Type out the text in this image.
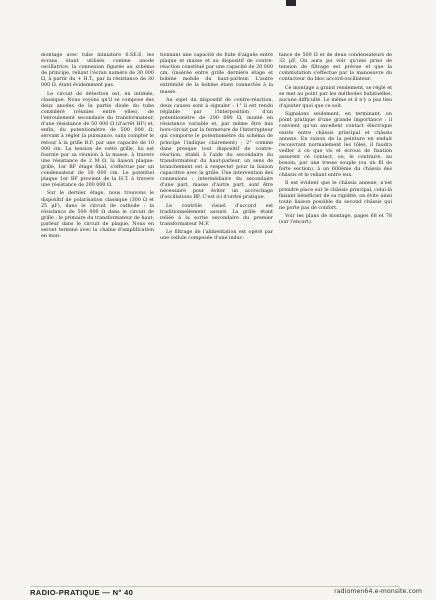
montage avec tube miniature 6.SE.6, les écrans étant utilisés comme anode oscillatrice, la connexion figurée au schéma de principe, reliant l'écran numéro de 30 000 Ω, à partir du + H.T., par la résistance de 30 000 Ω, étant évidemment pas.

Le circuit de détection est, en intimée, classique. Nous voyons qu'il se compose des deux anodes de la partie diode du tube considéré (réunies entre elles), de l'enroulement secondaire du transformateur, d'une résistance de 50 000 Ω (d'arrêt HF) et, enfin, du potentiomètre de 500 000 Ω, servant à régler la puissance, sans compter le retour à la grille B.F. par une capacité de 10 000 cm. La tension de cette grille, lui est fournie par sa réunion à la masse, à travers une résistance de 2 M Ω, la liaison plaque-grille, 1er BF étage final, s'effectue par un condensateur de 10 000 cm. Le potentiel plaque 1er BF provient de la H.T. à travers une résistance de 200 000 Ω.

Sur le dernier étage, nous trouvons le dispositif de polarisation classique (300 Ω et 25 μF), dans le circuit de cathode : la résistance de 500 000 Ω dans le circuit de grille ; le primaire du transformateur de haut-parleur dans le circuit de plaque. Nous en seront terminé avec la chaîne d'amplification en mon-

tionnant une capacité de fuite d'aiguës entre plaque et masse et au dispositif de contre-réaction constitué par une capacité de 20 000 cm, (insérée entre grille dernière étage et bobine mobile du haut-parleur. L'autre extrémité de la bobine étant connectée à la masse.

Au sujet du dispositif de contre-réaction, deux causes sont à signaler : 1° il est rendu réglable par l'interposition d'un potentiomètre de 200 000 Ω, monté en résistance variable et, par même être mis hors-circuit par la fermeture de l'interrupteur qui comporte le potentiomètre du schéma de principe l'indique clairement) ; 2° comme dans presque tout dispositif de contre-réaction, établi à l'aide du secondaire du transformateur du haut-parleur, un sens de branchement est à respecter pour la liaison capacitive avec la grille. Une intervention des connexions : intermédiaire du secondaire d'une part, masse d'autre part, sont être nécessaire pour éviter un accrochage d'oscillations BF. C'est ici d'ordre pratique.

Le contrôle visuel d'accord est traditionnellement assuré. La grille étant reliée à la sortie secondaire du premier transformateur M.F.

Le filtrage de l'alimentation est opéré par une cellule composée d'une induc-

tance de 500 Ω et de deux condensateurs de 32 μF. On aura pu voir qu'une prise de tension de filtrage est prévue et que la commutation s'effectue par la manoeuvre du contacteur du bloc accord-oscillateur.

Ce montage a grand rendement, se réglé et se met au point par les méthodes habituelles, aucune difficulté. Le même et il n'y a pas lieu d'ajouter quoi que ce soit.

Signalons seulement, en terminant, un point pratique d'une grande importance : il convient qu'un excellent contact électrique existe entre châssis principal et châssis annexe. En raison de la peinture en enduit recouvrant normalement les tôles, il faudra veiller à ce que vis et écrous de fixation assurent ce contact, ou, le contraire, au besoin, par une tresse souple (ou un fil de forte section), à un 600ème du châssis des châssis et le reliant entre eux.

Il est évident que le châssis annexe, n'est prendre place sur le châssis principal, celui-là faisant bénéficier de sa rigidité, on évite ainsi toute liaison possible du second châssis qui ne porte pas de confort.

Voir les plans de montage, pages 68 et 78 (sur l'encart).

RADIO-PRATIQUE — N° 40	radiomen64.e-monsite.com
